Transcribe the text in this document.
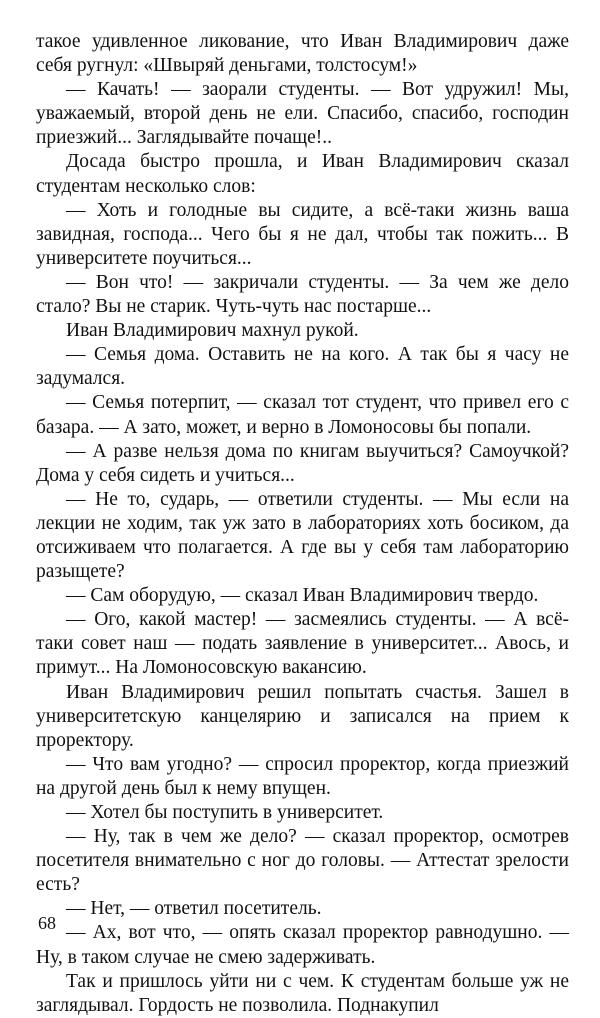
такое удивленное ликование, что Иван Владимирович даже себя ругнул: «Швыряй деньгами, толстосум!»

— Качать! — заорали студенты. — Вот удружил! Мы, уважаемый, второй день не ели. Спасибо, спасибо, господин приезжий... Заглядывайте почаще!..

Досада быстро прошла, и Иван Владимирович сказал студентам несколько слов:

— Хоть и голодные вы сидите, а всё-таки жизнь ваша завидная, господа... Чего бы я не дал, чтобы так пожить... В университете поучиться...

— Вон что! — закричали студенты. — За чем же дело стало? Вы не старик. Чуть-чуть нас постарше...

Иван Владимирович махнул рукой.

— Семья дома. Оставить не на кого. А так бы я часу не задумался.

— Семья потерпит, — сказал тот студент, что привел его с базара. — А зато, может, и верно в Ломоносовы бы попали.

— А разве нельзя дома по книгам выучиться? Самоучкой? Дома у себя сидеть и учиться...

— Не то, сударь, — ответили студенты. — Мы если на лекции не ходим, так уж зато в лабораториях хоть босиком, да отсиживаем что полагается. А где вы у себя там лабораторию разыщете?

— Сам оборудую, — сказал Иван Владимирович твердо.

— Ого, какой мастер! — засмеялись студенты. — А всё-таки совет наш — подать заявление в университет... Авось, и примут... На Ломоносовскую вакансию.

Иван Владимирович решил попытать счастья. Зашел в университетскую канцелярию и записался на прием к проректору.

— Что вам угодно? — спросил проректор, когда приезжий на другой день был к нему впущен.

— Хотел бы поступить в университет.

— Ну, так в чем же дело? — сказал проректор, осмотрев посетителя внимательно с ног до головы. — Аттестат зрелости есть?

— Нет, — ответил посетитель.

— Ах, вот что, — опять сказал проректор равнодушно. — Ну, в таком случае не смею задерживать.

Так и пришлось уйти ни с чем. К студентам больше уж не заглядывал. Гордость не позволила. Поднакупил

68
